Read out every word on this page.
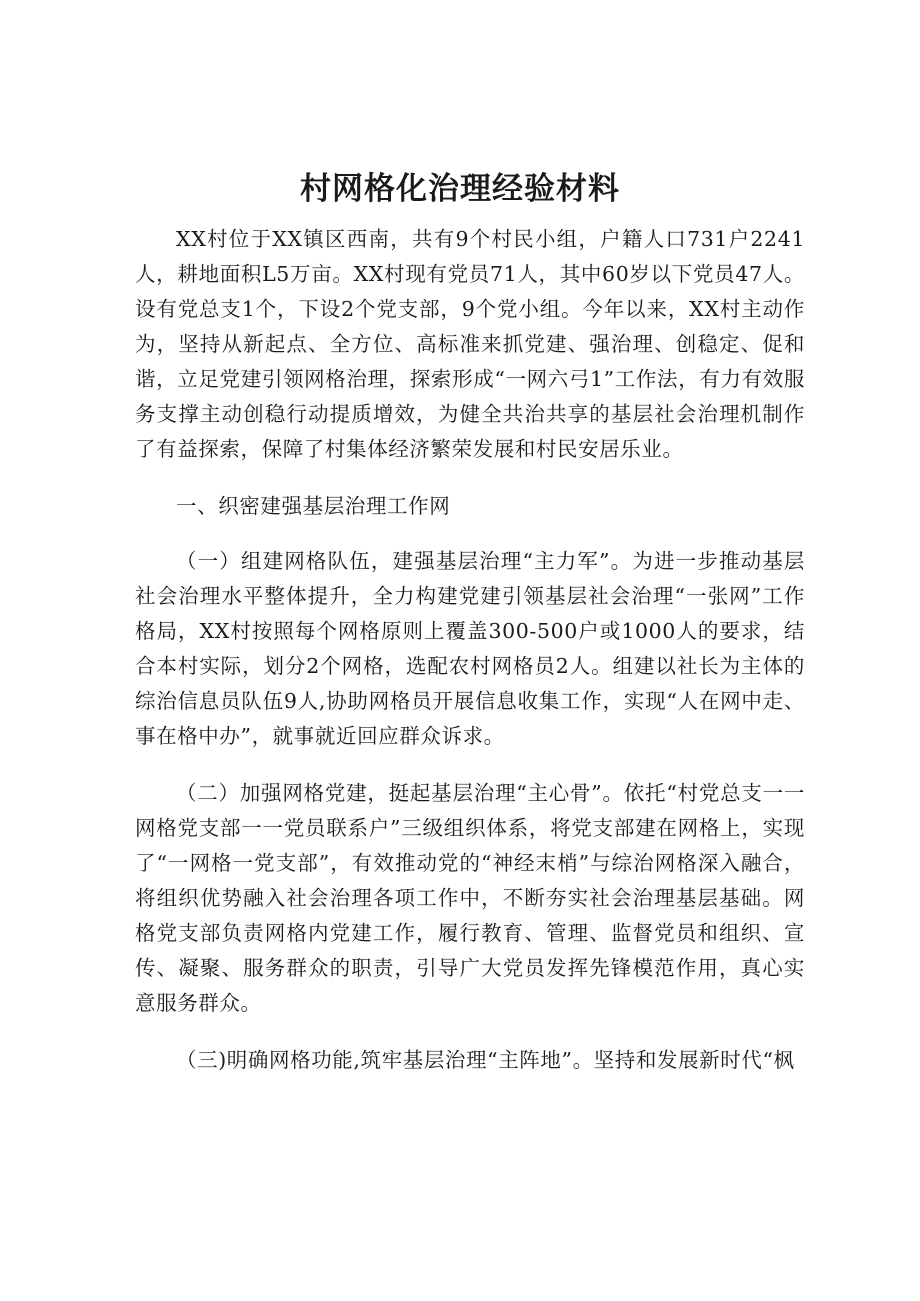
村网格化治理经验材料

XX村位于XX镇区西南，共有9个村民小组，户籍人口731户2241人，耕地面积L5万亩。XX村现有党员71人，其中60岁以下党员47人。设有党总支1个，下设2个党支部，9个党小组。今年以来，XX村主动作为，坚持从新起点、全方位、高标准来抓党建、强治理、创稳定、促和谐，立足党建引领网格治理，探索形成“一网六弓1”工作法，有力有效服务支撑主动创稳行动提质增效，为健全共治共享的基层社会治理机制作了有益探索，保障了村集体经济繁荣发展和村民安居乐业。

一、织密建强基层治理工作网

（一）组建网格队伍，建强基层治理“主力军”。为进一步推动基层社会治理水平整体提升，全力构建党建引领基层社会治理“一张网”工作格局，XX村按照每个网格原则上覆盖300-500户或1000人的要求，结合本村实际，划分2个网格，选配农村网格员2人。组建以社长为主体的综治信息员队伍9人,协助网格员开展信息收集工作，实现“人在网中走、事在格中办”，就事就近回应群众诉求。

（二）加强网格党建，挺起基层治理“主心骨”。依托“村党总支一一网格党支部一一党员联系户”三级组织体系，将党支部建在网格上，实现了“一网格一党支部”，有效推动党的“神经末梢”与综治网格深入融合，将组织优势融入社会治理各项工作中，不断夯实社会治理基层基础。网格党支部负责网格内党建工作，履行教育、管理、监督党员和组织、宣传、凝聚、服务群众的职责，引导广大党员发挥先锋模范作用，真心实意服务群众。

（三)明确网格功能,筑牢基层治理“主阵地”。坚持和发展新时代“枫
